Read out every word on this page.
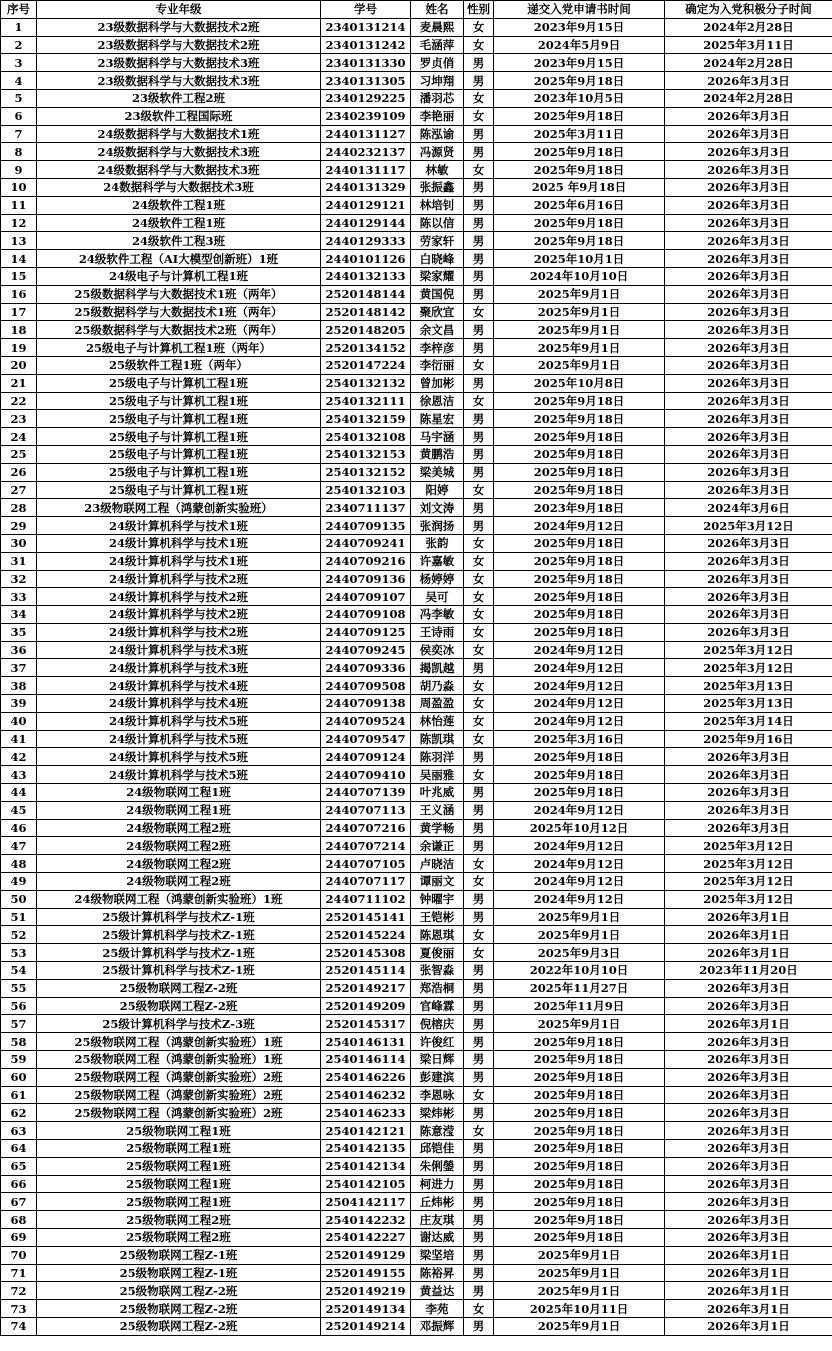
序号	专业年级	学号	姓名	性别	递交入党申请书时间	确定为入党积极分子时间
1	23级数据科学与大数据技术2班	2340131214	麦晨熙	女	2023年9月15日	2024年2月28日
2	23级数据科学与大数据技术2班	2340131242	毛涵萍	女	2024年5月9日	2025年3月11日
3	23级数据科学与大数据技术3班	2340131330	罗贞俏	男	2023年9月15日	2024年2月28日
4	23级数据科学与大数据技术3班	2340131305	习坤翔	男	2025年9月18日	2026年3月3日
5	23级软件工程2班	2340129225	潘羽芯	女	2023年10月5日	2024年2月28日
6	23级软件工程国际班	2340239109	李艳丽	女	2025年9月18日	2026年3月3日
7	24级数据科学与大数据技术1班	2440131127	陈泓谕	男	2025年3月11日	2026年3月3日
8	24级数据科学与大数据技术3班	2440232137	冯源贤	男	2025年9月18日	2026年3月3日
9	24级数据科学与大数据技术3班	2440131117	林敏	女	2025年9月18日	2026年3月3日
10	24数据科学与大数据技术3班	2440131329	张振鑫	男	2025 年9月18日	2026年3月3日
11	24级软件工程1班	2440129121	林培钊	男	2025年6月16日	2026年3月3日
12	24级软件工程1班	2440129144	陈以信	男	2025年9月18日	2026年3月3日
13	24级软件工程3班	2440129333	劳家轩	男	2025年9月18日	2026年3月3日
14	24级软件工程（AI大模型创新班）1班	2440101126	白晓峰	男	2025年10月1日	2026年3月3日
15	24级电子与计算机工程1班	2440132133	梁家耀	男	2024年10月10日	2026年3月3日
16	25级数据科学与大数据技术1班（两年）	2520148144	黄国倪	男	2025年9月1日	2026年3月3日
17	25级数据科学与大数据技术1班（两年）	2520148142	聚欣宜	女	2025年9月1日	2026年3月3日
18	25级数据科学与大数据技术2班（两年）	2520148205	余文昌	男	2025年9月1日	2026年3月3日
19	25级电子与计算机工程1班（两年）	2520134152	李梓彦	男	2025年9月1日	2026年3月3日
20	25级软件工程1班（两年）	2520147224	李衍丽	女	2025年9月1日	2026年3月3日
21	25级电子与计算机工程1班	2540132132	曾加彬	男	2025年10月8日	2026年3月3日
22	25级电子与计算机工程1班	2540132111	徐恩洁	女	2025年9月18日	2026年3月3日
23	25级电子与计算机工程1班	2540132159	陈星宏	男	2025年9月18日	2026年3月3日
24	25级电子与计算机工程1班	2540132108	马宇涵	男	2025年9月18日	2026年3月3日
25	25级电子与计算机工程1班	2540132153	黄鹏浩	男	2025年9月18日	2026年3月3日
26	25级电子与计算机工程1班	2540132152	梁美城	男	2025年9月18日	2026年3月3日
27	25级电子与计算机工程1班	2540132103	阳婷	女	2025年9月18日	2026年3月3日
28	23级物联网工程（鸿蒙创新实验班）	2340711137	刘文涛	男	2023年9月18日	2024年3月6日
29	24级计算机科学与技术1班	2440709135	张润扬	男	2024年9月12日	2025年3月12日
30	24级计算机科学与技术1班	2440709241	张韵	女	2025年9月18日	2026年3月3日
31	24级计算机科学与技术1班	2440709216	许嘉敏	女	2025年9月18日	2026年3月3日
32	24级计算机科学与技术2班	2440709136	杨婷婷	女	2025年9月18日	2026年3月3日
33	24级计算机科学与技术2班	2440709107	吴可	女	2025年9月18日	2026年3月3日
34	24级计算机科学与技术2班	2440709108	冯李敏	女	2025年9月18日	2026年3月3日
35	24级计算机科学与技术2班	2440709125	王诗雨	女	2025年9月18日	2026年3月3日
36	24级计算机科学与技术3班	2440709245	侯奕冰	女	2024年9月12日	2025年3月12日
37	24级计算机科学与技术3班	2440709336	揭凯越	男	2024年9月12日	2025年3月12日
38	24级计算机科学与技术4班	2440709508	胡乃淼	女	2024年9月12日	2025年3月13日
39	24级计算机科学与技术4班	2440709138	周盈盈	女	2024年9月12日	2025年3月13日
40	24级计算机科学与技术5班	2440709524	林怡莲	女	2024年9月12日	2025年3月14日
41	24级计算机科学与技术5班	2440709547	陈凯琪	女	2025年3月16日	2025年9月16日
42	24级计算机科学与技术5班	2440709124	陈羽洋	男	2025年9月18日	2026年3月3日
43	24级计算机科学与技术5班	2440709410	吴丽雅	女	2025年9月18日	2026年3月3日
44	24级物联网工程1班	2440707139	叶兆威	男	2025年9月18日	2026年3月3日
45	24级物联网工程1班	2440707113	王义涵	男	2024年9月12日	2026年3月3日
46	24级物联网工程2班	2440707216	黄学畅	男	2025年10月12日	2026年3月3日
47	24级物联网工程2班	2440707214	余谦正	男	2024年9月12日	2025年3月12日
48	24级物联网工程2班	2440707105	卢晓洁	女	2024年9月12日	2025年3月12日
49	24级物联网工程2班	2440707117	谭丽文	女	2024年9月12日	2025年3月12日
50	24级物联网工程（鸿蒙创新实验班）1班	2440711102	钟曜宇	男	2024年9月12日	2025年3月12日
51	25级计算机科学与技术Z-1班	2520145141	王铠彬	男	2025年9月1日	2026年3月1日
52	25级计算机科学与技术Z-1班	2520145224	陈恩琪	女	2025年9月1日	2026年3月1日
53	25级计算机科学与技术Z-1班	2520145308	夏俊丽	女	2025年9月3日	2026年3月1日
54	25级计算机科学与技术Z-1班	2520145114	张智淼	男	2022年10月10日	2023年11月20日
55	25级物联网工程Z-2班	2520149217	郑浩桐	男	2025年11月27日	2026年3月3日
56	25级物联网工程Z-2班	2520149209	官峰霖	男	2025年11月9日	2026年3月3日
57	25级计算机科学与技术Z-3班	2520145317	倪榕庆	男	2025年9月1日	2026年3月1日
58	25级物联网工程（鸿蒙创新实验班）1班	2540146131	许俊红	男	2025年9月18日	2026年3月3日
59	25级物联网工程（鸿蒙创新实验班）1班	2540146114	梁日辉	男	2025年9月18日	2026年3月3日
60	25级物联网工程（鸿蒙创新实验班）2班	2540146226	彭建滨	男	2025年9月18日	2026年3月3日
61	25级物联网工程（鸿蒙创新实验班）2班	2540146232	李恩咏	女	2025年9月18日	2026年3月3日
62	25级物联网工程（鸿蒙创新实验班）2班	2540146233	梁炜彬	男	2025年9月18日	2026年3月3日
63	25级物联网工程1班	2540142121	陈意滢	女	2025年9月18日	2026年3月3日
64	25级物联网工程1班	2540142135	邱铠佳	男	2025年9月18日	2026年3月3日
65	25级物联网工程1班	2540142134	朱俐鎣	男	2025年9月18日	2026年3月3日
66	25级物联网工程1班	2540142105	柯进力	男	2025年9月18日	2026年3月3日
67	25级物联网工程1班	2504142117	丘炜彬	男	2025年9月18日	2026年3月3日
68	25级物联网工程2班	2540142232	庄友琪	男	2025年9月18日	2026年3月3日
69	25级物联网工程2班	2540142227	谢达威	男	2025年9月18日	2026年3月3日
70	25级物联网工程Z-1班	2520149129	梁坚培	男	2025年9月1日	2026年3月1日
71	25级物联网工程Z-1班	2520149155	陈裕昇	男	2025年9月1日	2026年3月1日
72	25级物联网工程Z-2班	2520149219	黄益达	男	2025年9月1日	2026年3月1日
73	25级物联网工程Z-2班	2520149134	李苑	女	2025年10月11日	2026年3月1日
74	25级物联网工程Z-2班	2520149214	邓振辉	男	2025年9月1日	2026年3月1日
